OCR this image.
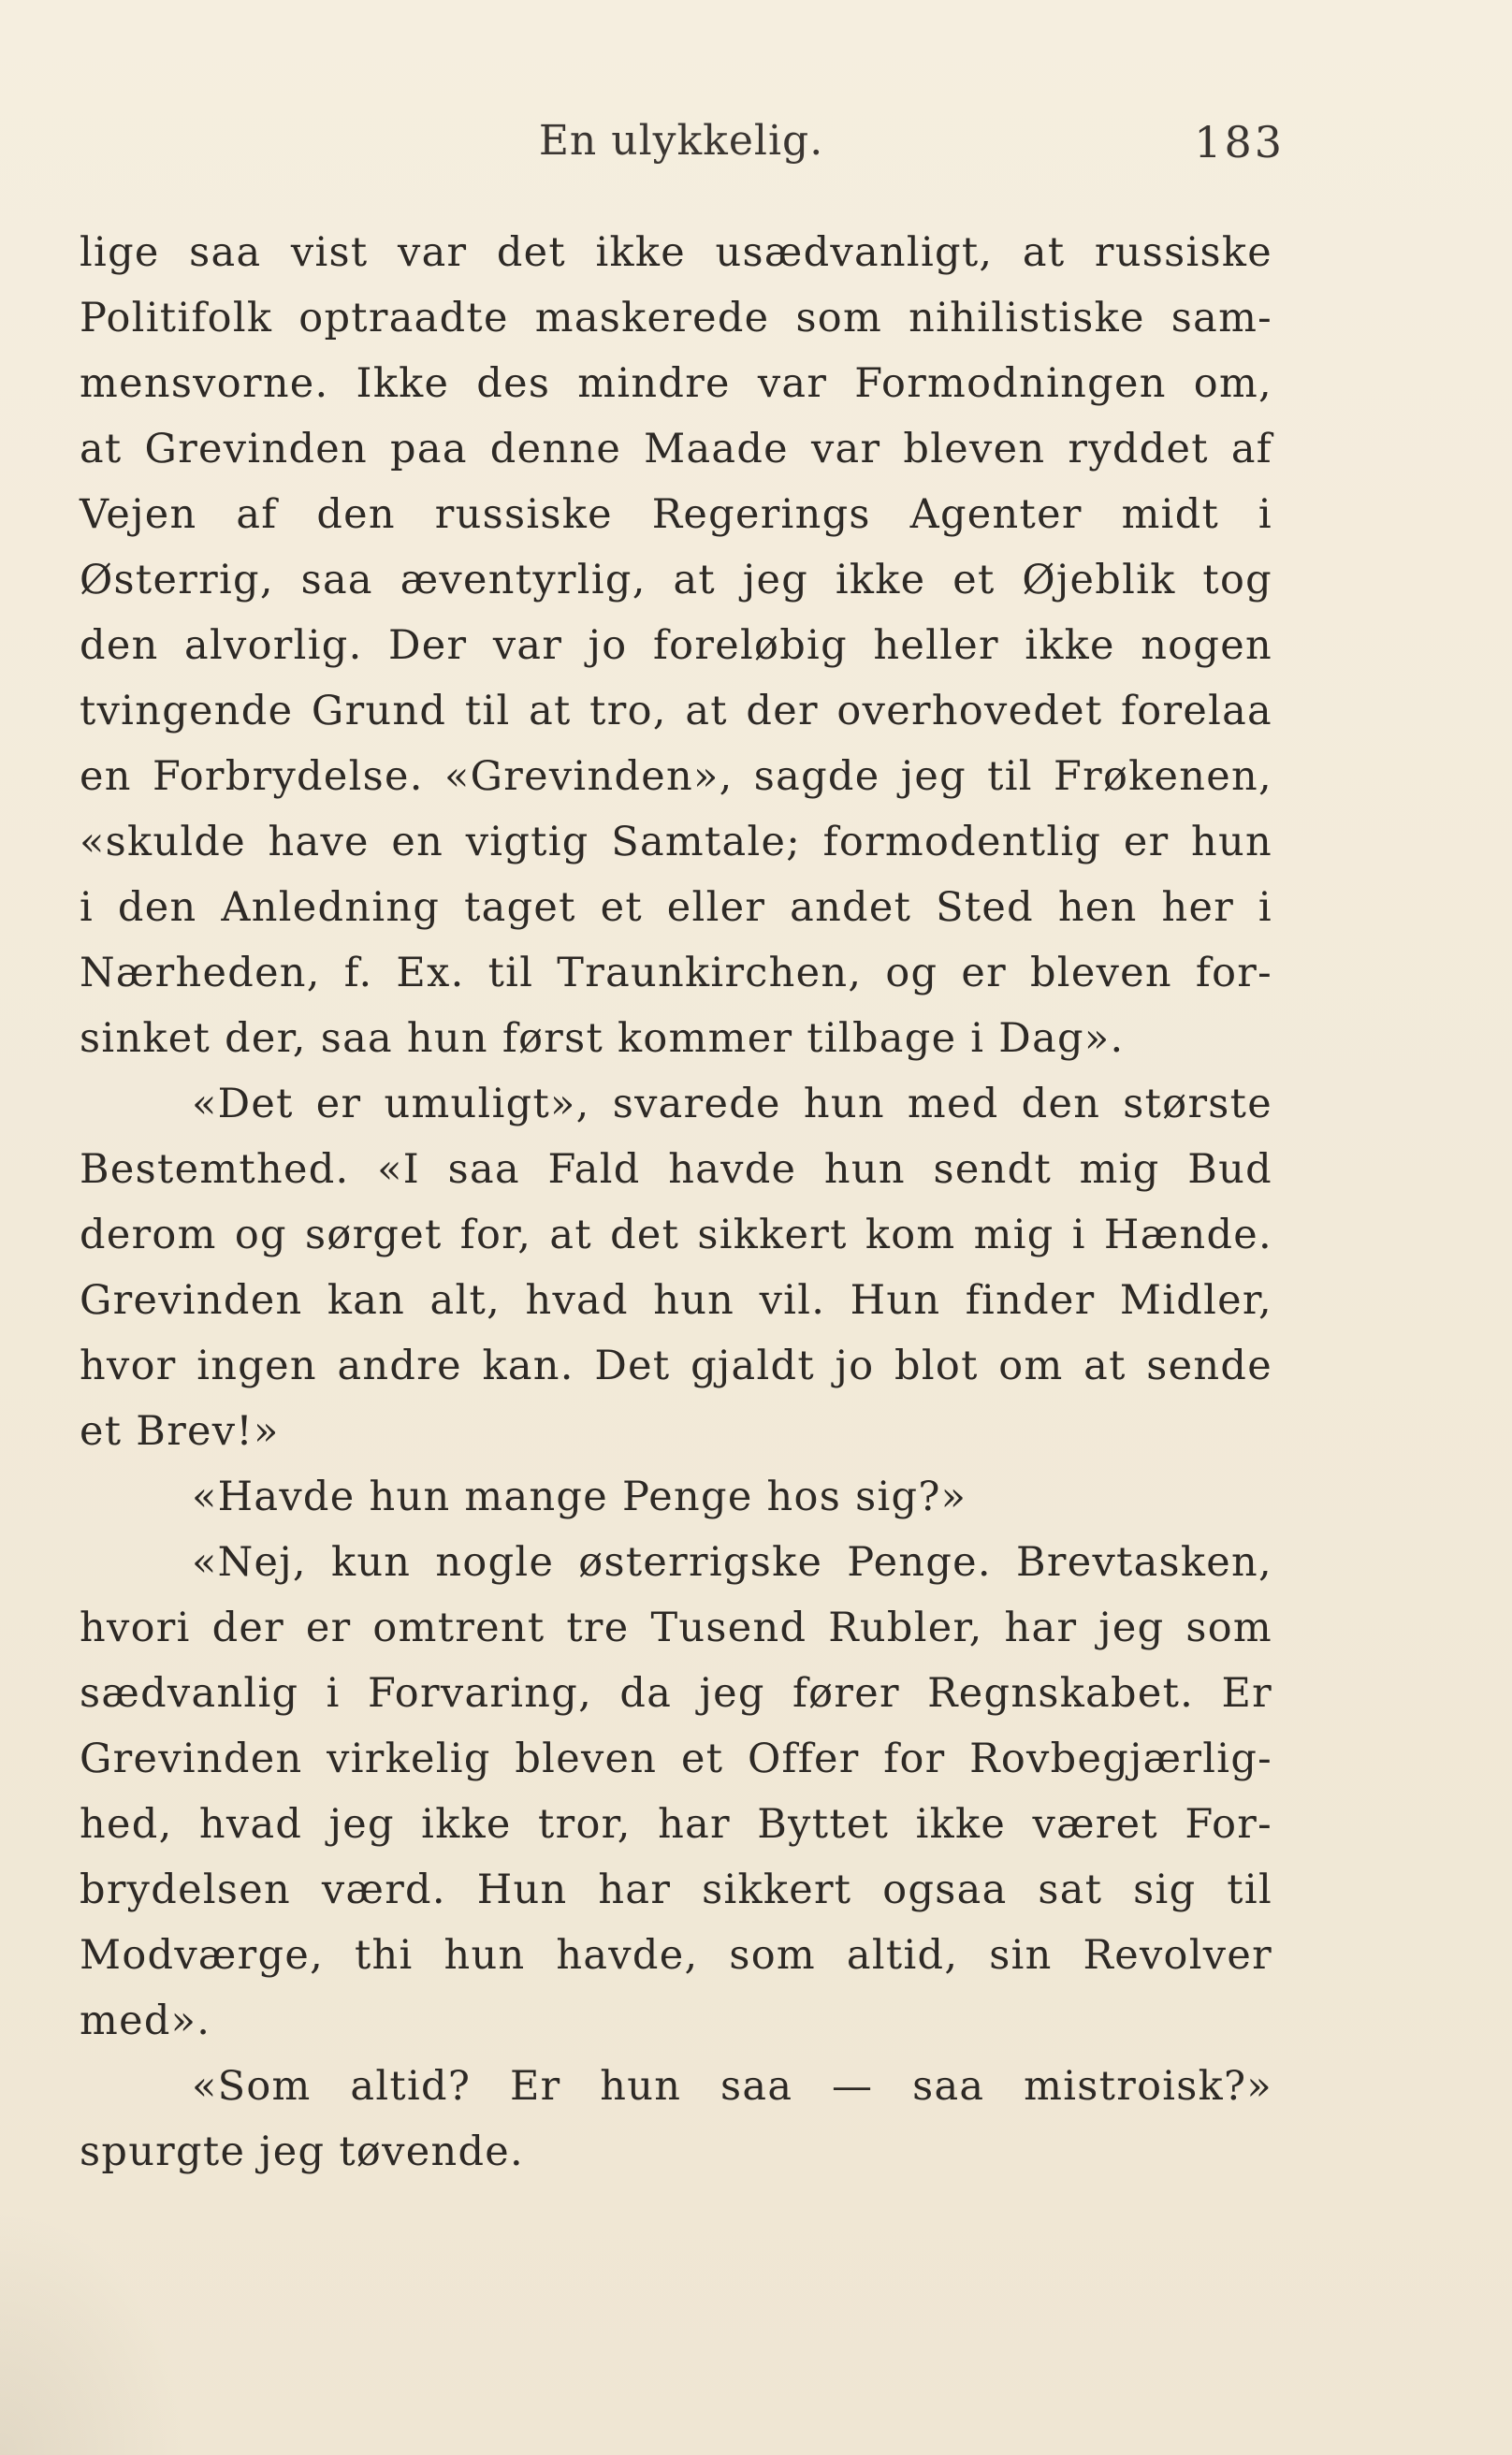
En ulykkelig.	183
lige saa vist var det ikke usædvanligt, at russiske
Politifolk optraadte maskerede som nihilistiske sam-
mensvorne. Ikke des mindre var Formodningen om,
at Grevinden paa denne Maade var bleven ryddet af
Vejen af den russiske Regerings Agenter midt i
Østerrig, saa æventyrlig, at jeg ikke et Øjeblik tog
den alvorlig. Der var jo foreløbig heller ikke nogen
tvingende Grund til at tro, at der overhovedet forelaa
en Forbrydelse. «Grevinden», sagde jeg til Frøkenen,
«skulde have en vigtig Samtale; formodentlig er hun
i den Anledning taget et eller andet Sted hen her i
Nærheden, f. Ex. til Traunkirchen, og er bleven for-
sinket der, saa hun først kommer tilbage i Dag».
«Det er umuligt», svarede hun med den største
Bestemthed. «I saa Fald havde hun sendt mig Bud
derom og sørget for, at det sikkert kom mig i Hænde.
Grevinden kan alt, hvad hun vil. Hun finder Midler,
hvor ingen andre kan. Det gjaldt jo blot om at sende
et Brev!»
«Havde hun mange Penge hos sig?»
«Nej, kun nogle østerrigske Penge. Brevtasken,
hvori der er omtrent tre Tusend Rubler, har jeg som
sædvanlig i Forvaring, da jeg fører Regnskabet. Er
Grevinden virkelig bleven et Offer for Rovbegjærlig-
hed, hvad jeg ikke tror, har Byttet ikke været For-
brydelsen værd. Hun har sikkert ogsaa sat sig til
Modværge, thi hun havde, som altid, sin Revolver
med».
«Som altid? Er hun saa — saa mistroisk?»
spurgte jeg tøvende.
